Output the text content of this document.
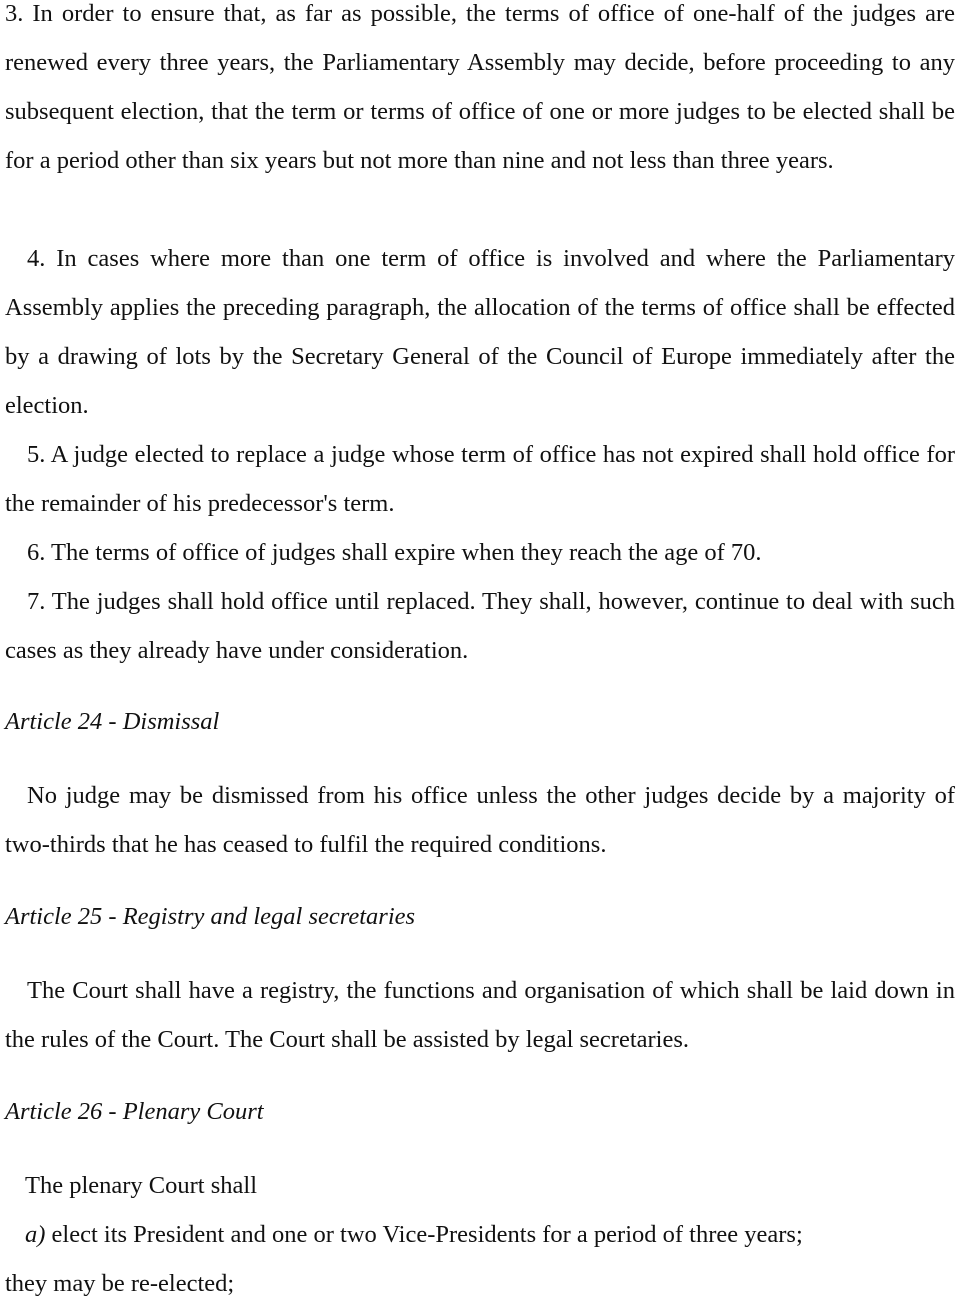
3. In order to ensure that, as far as possible, the terms of office of one-half of the judges are renewed every three years, the Parliamentary Assembly may decide, before proceeding to any subsequent election, that the term or terms of office of one or more judges to be elected shall be for a period other than six years but not more than nine and not less than three years.

4. In cases where more than one term of office is involved and where the Parliamentary Assembly applies the preceding paragraph, the allocation of the terms of office shall be effected by a drawing of lots by the Secretary General of the Council of Europe immediately after the election.

5. A judge elected to replace a judge whose term of office has not expired shall hold office for the remainder of his predecessor's term.

6. The terms of office of judges shall expire when they reach the age of 70.

7. The judges shall hold office until replaced. They shall, however, continue to deal with such cases as they already have under consideration.

Article 24 - Dismissal

No judge may be dismissed from his office unless the other judges decide by a majority of two-thirds that he has ceased to fulfil the required conditions.

Article 25 - Registry and legal secretaries

The Court shall have a registry, the functions and organisation of which shall be laid down in the rules of the Court. The Court shall be assisted by legal secretaries.

Article 26 - Plenary Court

The plenary Court shall

a) elect its President and one or two Vice-Presidents for a period of three years;

they may be re-elected;
